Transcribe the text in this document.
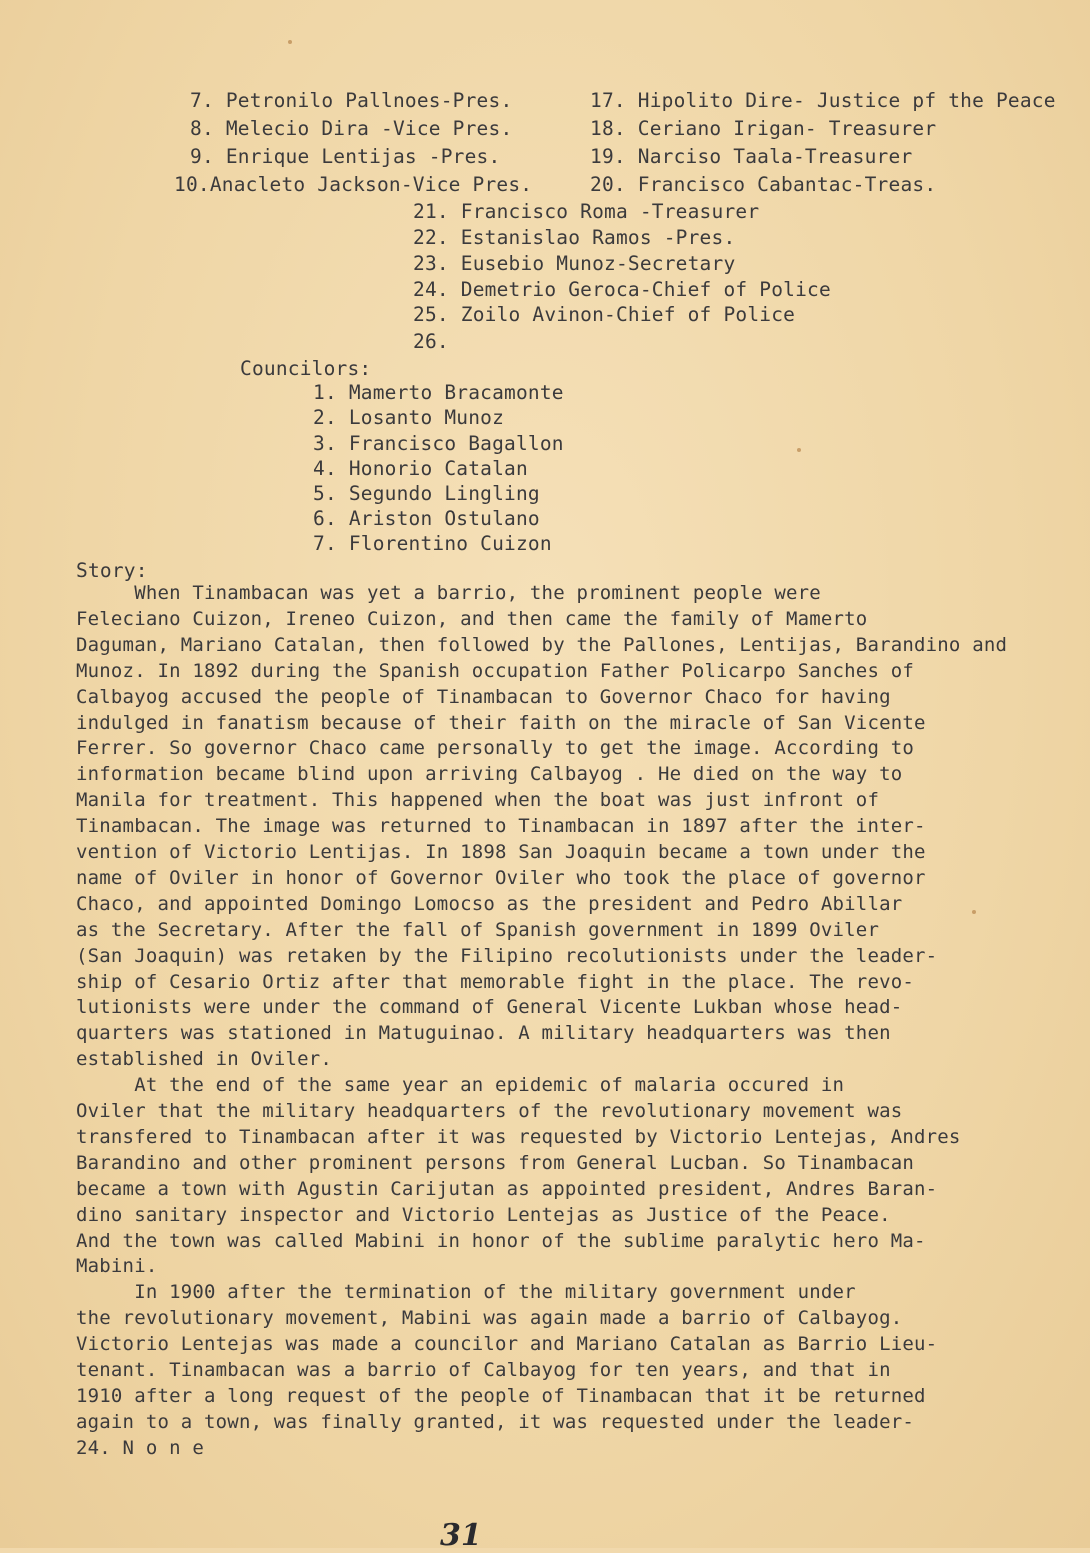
7. Petronilo Pallnoes-Pres.
8. Melecio Dira -Vice Pres.
9. Enrique Lentijas -Pres.
10.Anacleto Jackson-Vice Pres.
17. Hipolito Dire- Justice pf the Peace
18. Ceriano Irigan- Treasurer
19. Narciso Taala-Treasurer
20. Francisco Cabantac-Treas.
21. Francisco Roma -Treasurer
22. Estanislao Ramos -Pres.
23. Eusebio Munoz-Secretary
24. Demetrio Geroca-Chief of Police
25. Zoilo Avinon-Chief of Police
26.
Councilors:
1. Mamerto Bracamonte
2. Losanto Munoz
3. Francisco Bagallon
4. Honorio Catalan
5. Segundo Lingling
6. Ariston Ostulano
7. Florentino Cuizon
Story:
When Tinambacan was yet a barrio, the prominent people were
Feleciano Cuizon, Ireneo Cuizon, and then came the family of Mamerto
Daguman, Mariano Catalan, then followed by the Pallones, Lentijas, Barandino and
Munoz. In 1892 during the Spanish occupation Father Policarpo Sanches of
Calbayog accused the people of Tinambacan to Governor Chaco for having
indulged in fanatism because of their faith on the miracle of San Vicente
Ferrer. So governor Chaco came personally to get the image. According to
information became blind upon arriving Calbayog . He died on the way to
Manila for treatment. This happened when the boat was just infront of
Tinambacan. The image was returned to Tinambacan in 1897 after the inter-
vention of Victorio Lentijas. In 1898 San Joaquin became a town under the
name of Oviler in honor of Governor Oviler who took the place of governor
Chaco, and appointed Domingo Lomocso as the president and Pedro Abillar
as the Secretary. After the fall of Spanish government in 1899 Oviler
(San Joaquin) was retaken by the Filipino recolutionists under the leader-
ship of Cesario Ortiz after that memorable fight in the place. The revo-
lutionists were under the command of General Vicente Lukban whose head-
quarters was stationed in Matuguinao. A military headquarters was then
established in Oviler.
At the end of the same year an epidemic of malaria occured in
Oviler that the military headquarters of the revolutionary movement was
transfered to Tinambacan after it was requested by Victorio Lentejas, Andres
Barandino and other prominent persons from General Lucban. So Tinambacan
became a town with Agustin Carijutan as appointed president, Andres Baran-
dino sanitary inspector and Victorio Lentejas as Justice of the Peace.
And the town was called Mabini in honor of the sublime paralytic hero Ma-
Mabini.
In 1900 after the termination of the military government under
the revolutionary movement, Mabini was again made a barrio of Calbayog.
Victorio Lentejas was made a councilor and Mariano Catalan as Barrio Lieu-
tenant. Tinambacan was a barrio of Calbayog for ten years, and that in
1910 after a long request of the people of Tinambacan that it be returned
again to a town, was finally granted, it was requested under the leader-
24. N o n e
31
